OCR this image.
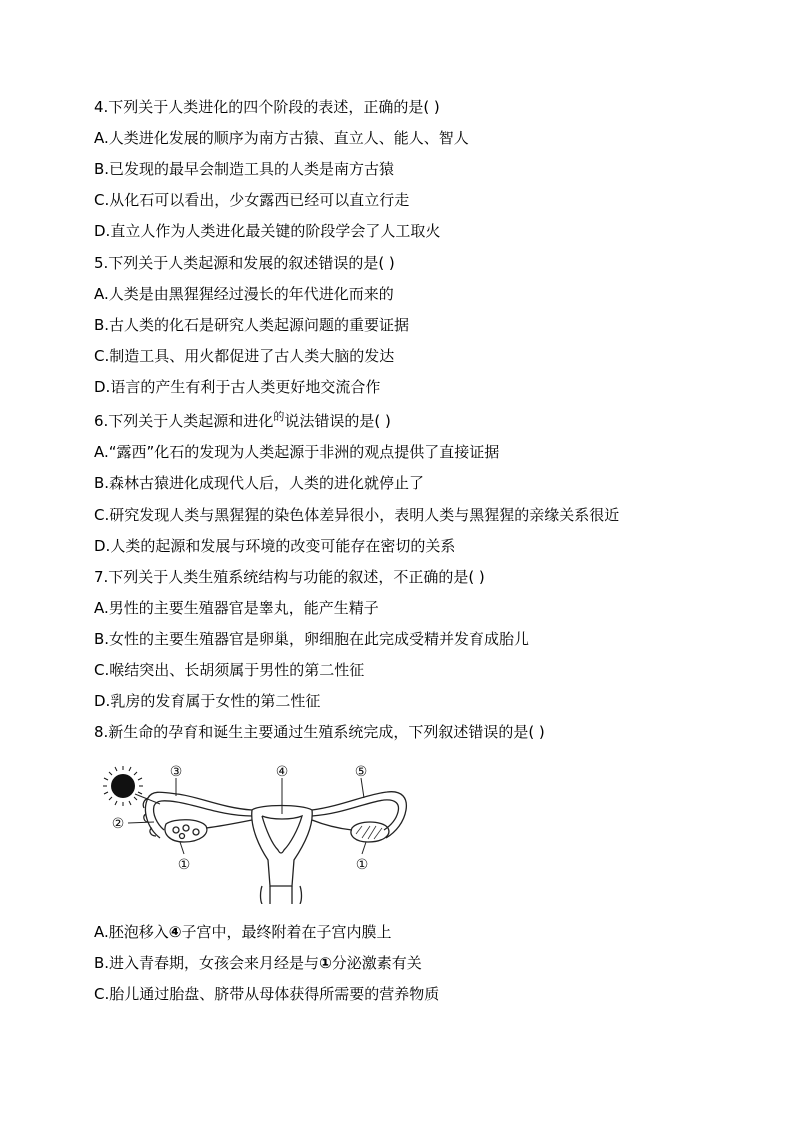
4.下列关于人类进化的四个阶段的表述，正确的是( )
A.人类进化发展的顺序为南方古猿、直立人、能人、智人
B.已发现的最早会制造工具的人类是南方古猿
C.从化石可以看出，少女露西已经可以直立行走
D.直立人作为人类进化最关键的阶段学会了人工取火
5.下列关于人类起源和发展的叙述错误的是( )
A.人类是由黑猩猩经过漫长的年代进化而来的
B.古人类的化石是研究人类起源问题的重要证据
C.制造工具、用火都促进了古人类大脑的发达
D.语言的产生有利于古人类更好地交流合作
6.下列关于人类起源和进化$^的$说法错误的是( )
A.“露西”化石的发现为人类起源于非洲的观点提供了直接证据
B.森林古猿进化成现代人后，人类的进化就停止了
C.研究发现人类与黑猩猩的染色体差异很小，表明人类与黑猩猩的亲缘关系很近
D.人类的起源和发展与环境的改变可能存在密切的关系
7.下列关于人类生殖系统结构与功能的叙述，不正确的是( )
A.男性的主要生殖器官是睾丸，能产生精子
B.女性的主要生殖器官是卵巢，卵细胞在此完成受精并发育成胎儿
C.喉结突出、长胡须属于男性的第二性征
D.乳房的发育属于女性的第二性征
8.新生命的孕育和诞生主要通过生殖系统完成，下列叙述错误的是( )
③	④	⑤
②
①	①
A.胚泡移入④子宫中，最终附着在子宫内膜上
B.进入青春期，女孩会来月经是与①分泌激素有关
C.胎儿通过胎盘、脐带从母体获得所需要的营养物质
